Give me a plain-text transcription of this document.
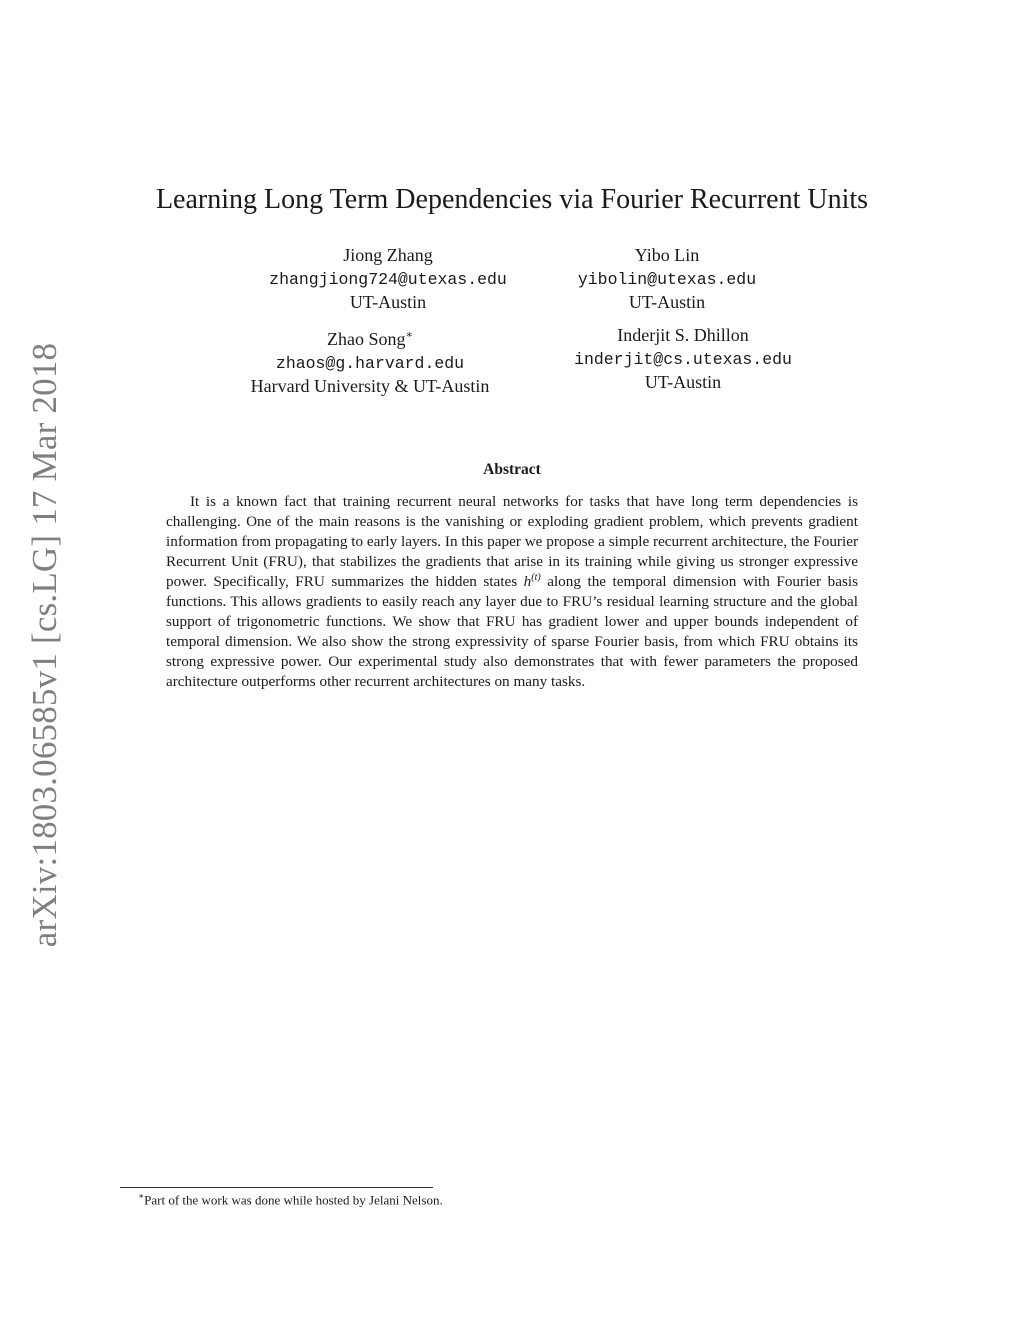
arXiv:1803.06585v1 [cs.LG] 17 Mar 2018
Learning Long Term Dependencies via Fourier Recurrent Units
Jiong Zhang
zhangjiong724@utexas.edu
UT-Austin
Yibo Lin
yibolin@utexas.edu
UT-Austin
Zhao Song∗
zhaos@g.harvard.edu
Harvard University & UT-Austin
Inderjit S. Dhillon
inderjit@cs.utexas.edu
UT-Austin
Abstract

It is a known fact that training recurrent neural networks for tasks that have long term dependencies is challenging. One of the main reasons is the vanishing or exploding gradient problem, which prevents gradient information from propagating to early layers. In this paper we propose a simple recurrent architecture, the Fourier Recurrent Unit (FRU), that stabilizes the gradients that arise in its training while giving us stronger expressive power. Specifically, FRU summarizes the hidden states $h^{(t)}$ along the temporal dimension with Fourier basis functions. This allows gradients to easily reach any layer due to FRU’s residual learning structure and the global support of trigonometric functions. We show that FRU has gradient lower and upper bounds independent of temporal dimension. We also show the strong expressivity of sparse Fourier basis, from which FRU obtains its strong expressive power. Our experimental study also demonstrates that with fewer parameters the proposed architecture outperforms other recurrent architectures on many tasks.

∗Part of the work was done while hosted by Jelani Nelson.
